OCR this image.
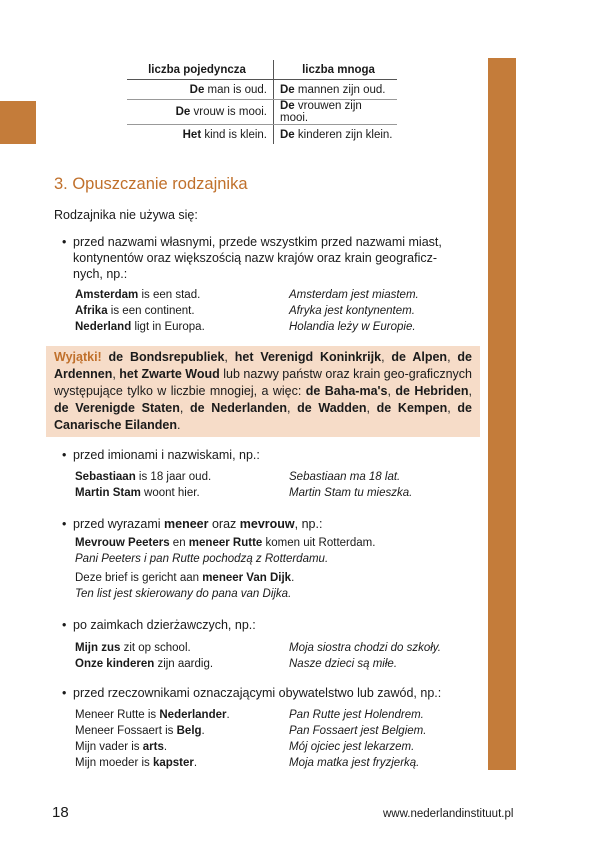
liczba pojedyncza	liczba mnoga
De man is oud.	De mannen zijn oud.
De vrouw is mooi.	De vrouwen zijn mooi.
Het kind is klein.	De kinderen zijn klein.
3. Opuszczanie rodzajnika
Rodzajnika nie używa się:
• przed nazwami własnymi, przede wszystkim przed nazwami miast,
kontynentów oraz większością nazw krajów oraz krain geograficz-
nych, np.:
Amsterdam is een stad.	Amsterdam jest miastem.
Afrika is een continent.	Afryka jest kontynentem.
Nederland ligt in Europa.	Holandia leży w Europie.
Wyjątki! de Bondsrepubliek, het Verenigd Koninkrijk, de Alpen, de Ardennen, het Zwarte Woud lub nazwy państw oraz krain geo-graficznych występujące tylko w liczbie mnogiej, a więc: de Baha-ma's, de Hebriden, de Verenigde Staten, de Nederlanden, de Wadden, de Kempen, de Canarische Eilanden.
• przed imionami i nazwiskami, np.:
Sebastiaan is 18 jaar oud.	Sebastiaan ma 18 lat.
Martin Stam woont hier.	Martin Stam tu mieszka.
• przed wyrazami meneer oraz mevrouw, np.:
Mevrouw Peeters en meneer Rutte komen uit Rotterdam.
Pani Peeters i pan Rutte pochodzą z Rotterdamu.
Deze brief is gericht aan meneer Van Dijk.
Ten list jest skierowany do pana van Dijka.
• po zaimkach dzierżawczych, np.:
Mijn zus zit op school.	Moja siostra chodzi do szkoły.
Onze kinderen zijn aardig.	Nasze dzieci są miłe.
• przed rzeczownikami oznaczającymi obywatelstwo lub zawód, np.:
Meneer Rutte is Nederlander.	Pan Rutte jest Holendrem.
Meneer Fossaert is Belg.	Pan Fossaert jest Belgiem.
Mijn vader is arts.	Mój ojciec jest lekarzem.
Mijn moeder is kapster.	Moja matka jest fryzjerką.
18	www.nederlandinstituut.pl
